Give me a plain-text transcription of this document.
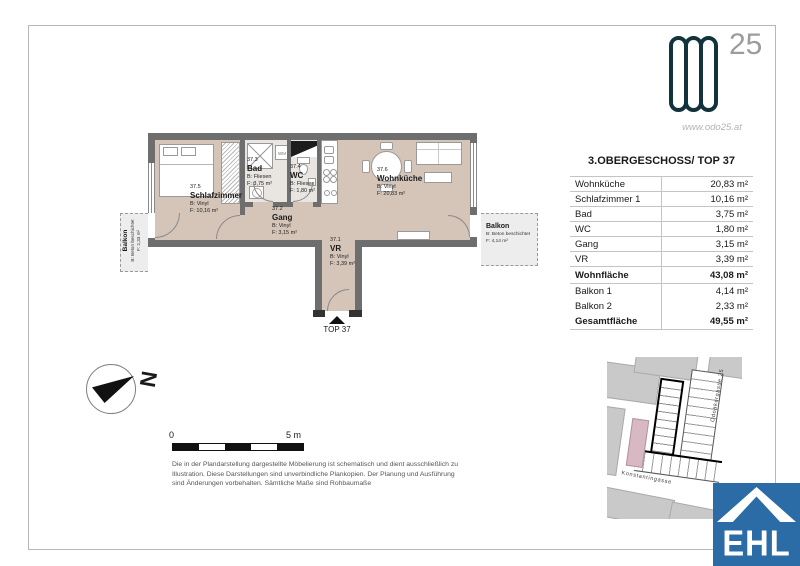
25
www.odo25.at
WM
TOP 37
37.5
Schlafzimmer
B: Vinyl
F: 10,16 m²
37.3
Bad
B: Fliesen
F: 3,75 m²
37.4
WC
B: Fliesen
F: 1,80 m²
37.2
Gang
B: Vinyl
F: 3,15 m²
37.6
Wohnküche
B: Vinyl
F: 20,83 m²
37.1
VR
B: Vinyl
F: 3,39 m²
Balkon B: Beton beschichtet F: 2,33 m²
Balkon
B: Beton beschichtet
F: 4,14 m²
3.OBERGESCHOSS/ TOP 37
Wohnküche	20,83 m²
Schlafzimmer 1	10,16 m²
Bad	3,75 m²
WC	1,80 m²
Gang	3,15 m²
VR	3,39 m²
Wohnfläche	43,08 m²
Balkon 1	4,14 m²
Balkon 2	2,33 m²
Gesamtfläche	49,55 m²
N
0	5 m
Die in der Plandarstellung dargestellte Möbelierung ist schematisch und dient ausschließlich zu
Illustration. Diese Darstellungen sind unverbindliche Plankopien. Der Planung und Ausführung
sind Änderungen vorbehalten. Sämtliche Maße sind Rohbaumaße	Konstantingasse
Odoakergasse 25
EHL
